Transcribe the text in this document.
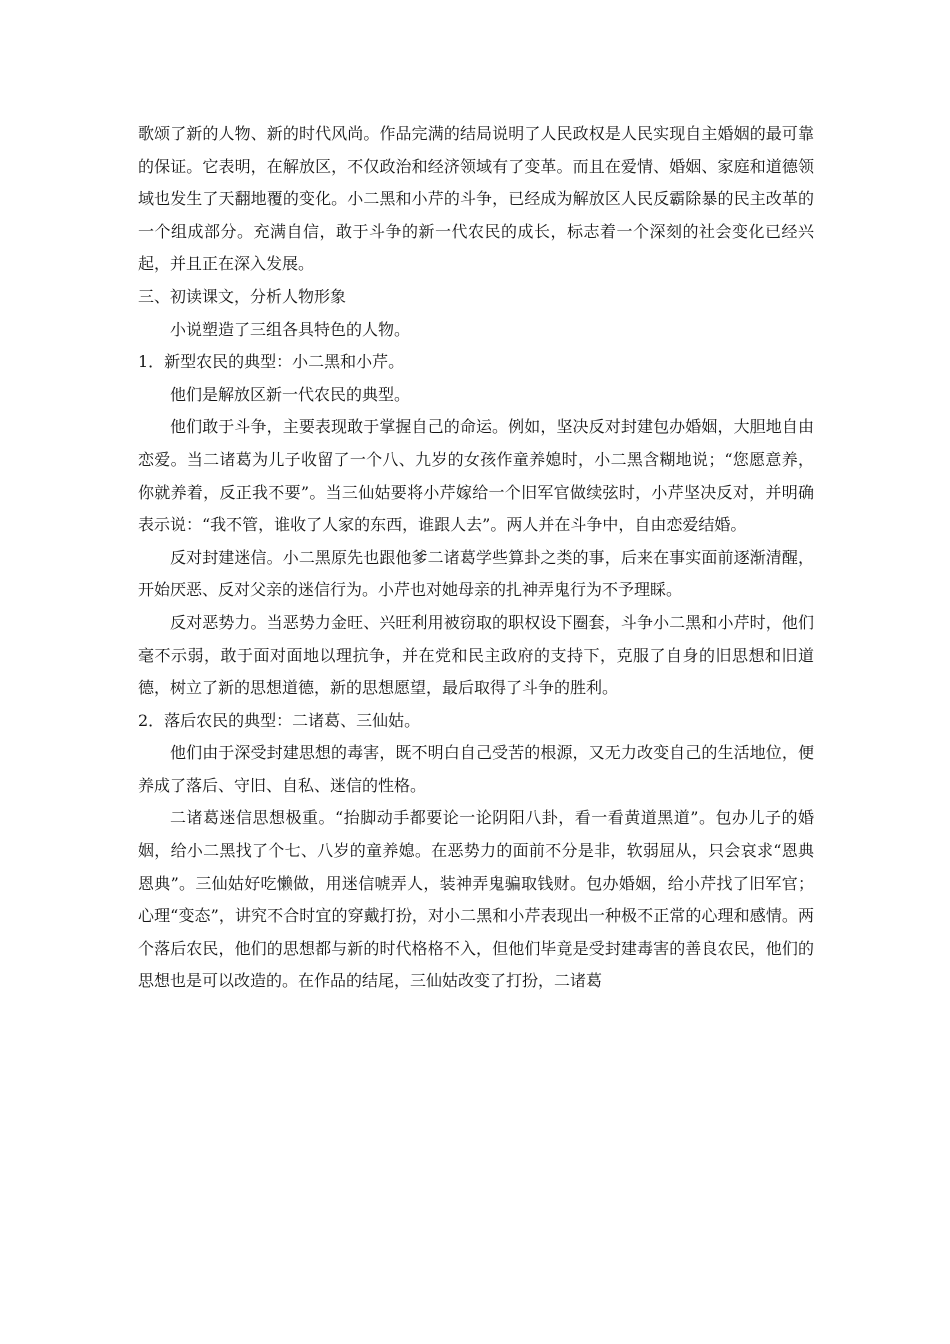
歌颂了新的人物、新的时代风尚。作品完满的结局说明了人民政权是人民实现自主婚姻的最可靠的保证。它表明，在解放区，不仅政治和经济领域有了变革。而且在爱情、婚姻、家庭和道德领域也发生了天翻地覆的变化。小二黑和小芹的斗争，已经成为解放区人民反霸除暴的民主改革的一个组成部分。充满自信，敢于斗争的新一代农民的成长，标志着一个深刻的社会变化已经兴起，并且正在深入发展。

三、初读课文，分析人物形象

小说塑造了三组各具特色的人物。

1．新型农民的典型：小二黑和小芹。

他们是解放区新一代农民的典型。

他们敢于斗争，主要表现敢于掌握自己的命运。例如，坚决反对封建包办婚姻，大胆地自由恋爱。当二诸葛为儿子收留了一个八、九岁的女孩作童养媳时，小二黑含糊地说；“您愿意养，你就养着，反正我不要”。当三仙姑要将小芹嫁给一个旧军官做续弦时，小芹坚决反对，并明确表示说：“我不管，谁收了人家的东西，谁跟人去”。两人并在斗争中，自由恋爱结婚。

反对封建迷信。小二黑原先也跟他爹二诸葛学些算卦之类的事，后来在事实面前逐渐清醒，开始厌恶、反对父亲的迷信行为。小芹也对她母亲的扎神弄鬼行为不予理睬。

反对恶势力。当恶势力金旺、兴旺利用被窃取的职权设下圈套，斗争小二黑和小芹时，他们毫不示弱，敢于面对面地以理抗争，并在党和民主政府的支持下，克服了自身的旧思想和旧道德，树立了新的思想道德，新的思想愿望，最后取得了斗争的胜利。

2．落后农民的典型：二诸葛、三仙姑。

他们由于深受封建思想的毒害，既不明白自己受苦的根源，又无力改变自己的生活地位，便养成了落后、守旧、自私、迷信的性格。

二诸葛迷信思想极重。“抬脚动手都要论一论阴阳八卦，看一看黄道黑道”。包办儿子的婚姻，给小二黑找了个七、八岁的童养媳。在恶势力的面前不分是非，软弱屈从，只会哀求“恩典恩典”。三仙姑好吃懒做，用迷信唬弄人，装神弄鬼骗取钱财。包办婚姻，给小芹找了旧军官；心理“变态”，讲究不合时宜的穿戴打扮，对小二黑和小芹表现出一种极不正常的心理和感情。两个落后农民，他们的思想都与新的时代格格不入，但他们毕竟是受封建毒害的善良农民，他们的思想也是可以改造的。在作品的结尾，三仙姑改变了打扮，二诸葛
